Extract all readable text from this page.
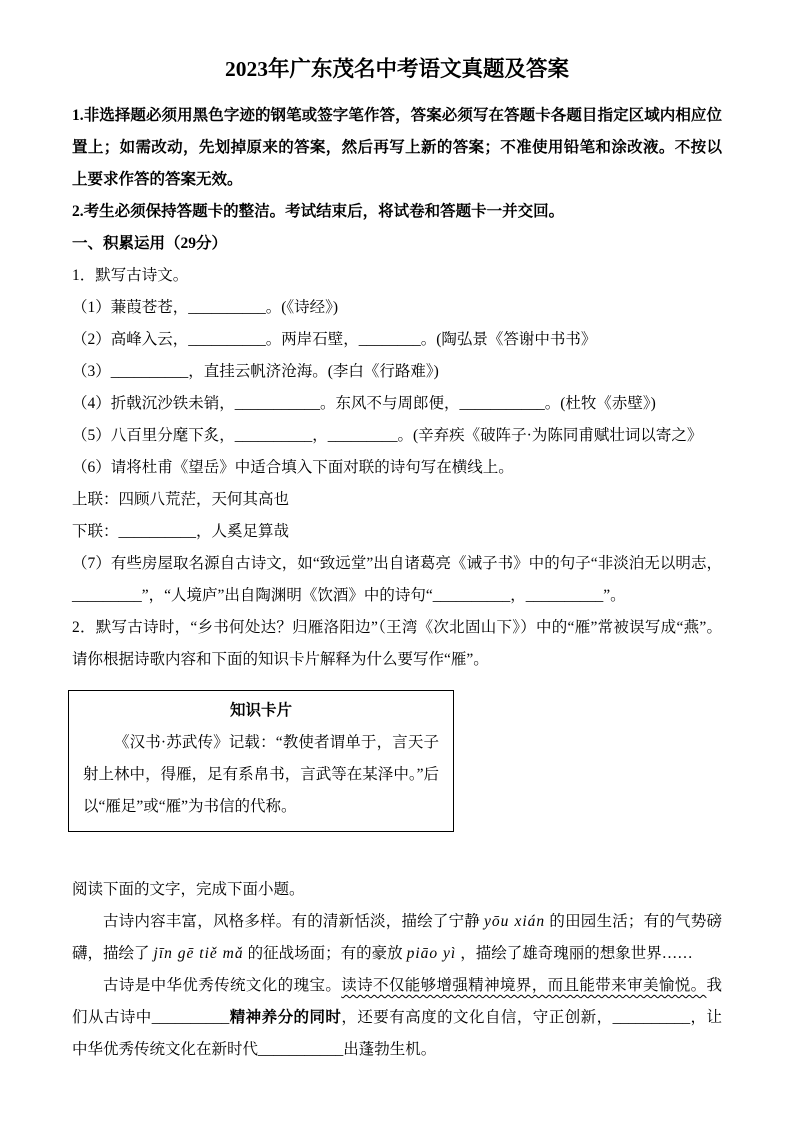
2023年广东茂名中考语文真题及答案

1.非选择题必须用黑色字迹的钢笔或签字笔作答，答案必须写在答题卡各题目指定区域内相应位置上；如需改动，先划掉原来的答案，然后再写上新的答案；不准使用铅笔和涂改液。不按以上要求作答的答案无效。

2.考生必须保持答题卡的整洁。考试结束后，将试卷和答题卡一并交回。

一、积累运用（29分）

1．默写古诗文。

（1）蒹葭苍苍，__________。(《诗经》)

（2）高峰入云，__________。两岸石壁，________。(陶弘景《答谢中书书》

（3）__________，直挂云帆济沧海。(李白《行路难》)

（4）折戟沉沙铁未销，___________。东风不与周郎便，___________。(杜牧《赤壁》)

（5）八百里分麾下炙，__________，_________。(辛弃疾《破阵子·为陈同甫赋壮词以寄之》

（6）请将杜甫《望岳》中适合填入下面对联的诗句写在横线上。

上联：四顾八荒茫，天何其高也

下联：__________，人奚足算哉

（7）有些房屋取名源自古诗文，如“致远堂”出自诸葛亮《诫子书》中的句子“非淡泊无以明志，_________”，“人境庐”出自陶渊明《饮酒》中的诗句“__________，__________”。

2．默写古诗时，“乡书何处达？归雁洛阳边”（王湾《次北固山下》）中的“雁”常被误写成“燕”。请你根据诗歌内容和下面的知识卡片解释为什么要写作“雁”。

知识卡片

《汉书·苏武传》记载：“教使者谓单于，言天子射上林中，得雁，足有系帛书，言武等在某泽中。”后以“雁足”或“雁”为书信的代称。

阅读下面的文字，完成下面小题。

古诗内容丰富，风格多样。有的清新恬淡，描绘了宁静 yōu xián 的田园生活；有的气势磅礴，描绘了 jīn gē tiě mǎ 的征战场面；有的豪放 piāo yì ，描绘了雄奇瑰丽的想象世界……

古诗是中华优秀传统文化的瑰宝。读诗不仅能够增强精神境界，而且能带来审美愉悦。我们从古诗中__________精神养分的同时，还要有高度的文化自信，守正创新，__________，让中华优秀传统文化在新时代___________出蓬勃生机。
